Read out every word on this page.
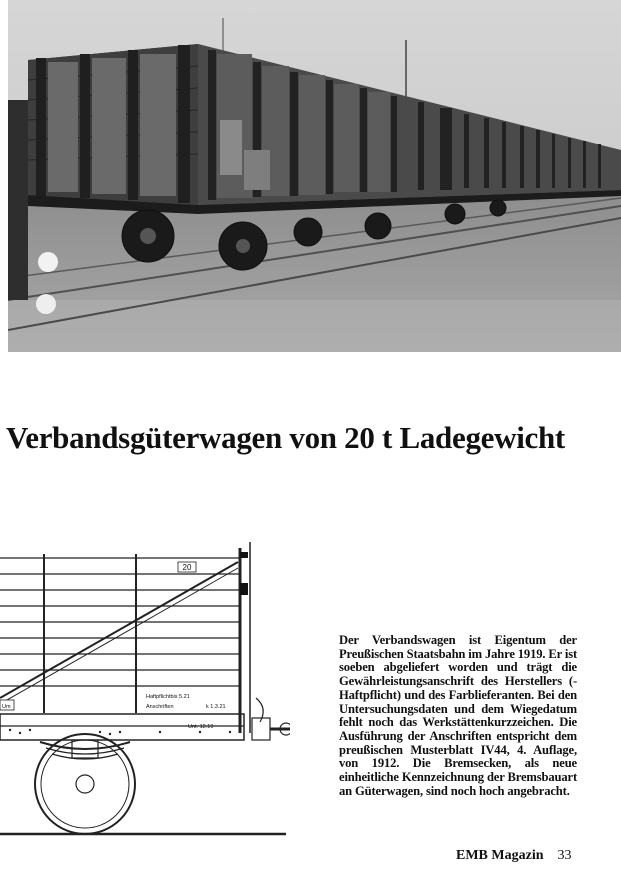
Verbandsgüterwagen von 20 t Ladegewicht
20
Haftpflichtbis 5.21
Anschriften	k 1.3.21
Um
Unt. 12.19

Der Verbandswagen ist Eigentum der Preußischen Staatsbahn im Jahre 1919. Er ist soeben abgeliefert worden und trägt die Gewährleistungsanschrift des Herstellers (-Haftpflicht) und des Farblieferanten. Bei den Untersuchungsdaten und dem Wiegedatum fehlt noch das Werkstättenkurzzeichen. Die Ausführung der Anschriften entspricht dem preußischen Musterblatt IV44, 4. Auflage, von 1912. Die Bremsecken, als neue einheitliche Kennzeichnung der Bremsbauart an Güterwagen, sind noch hoch angebracht.

EMB Magazin 33
